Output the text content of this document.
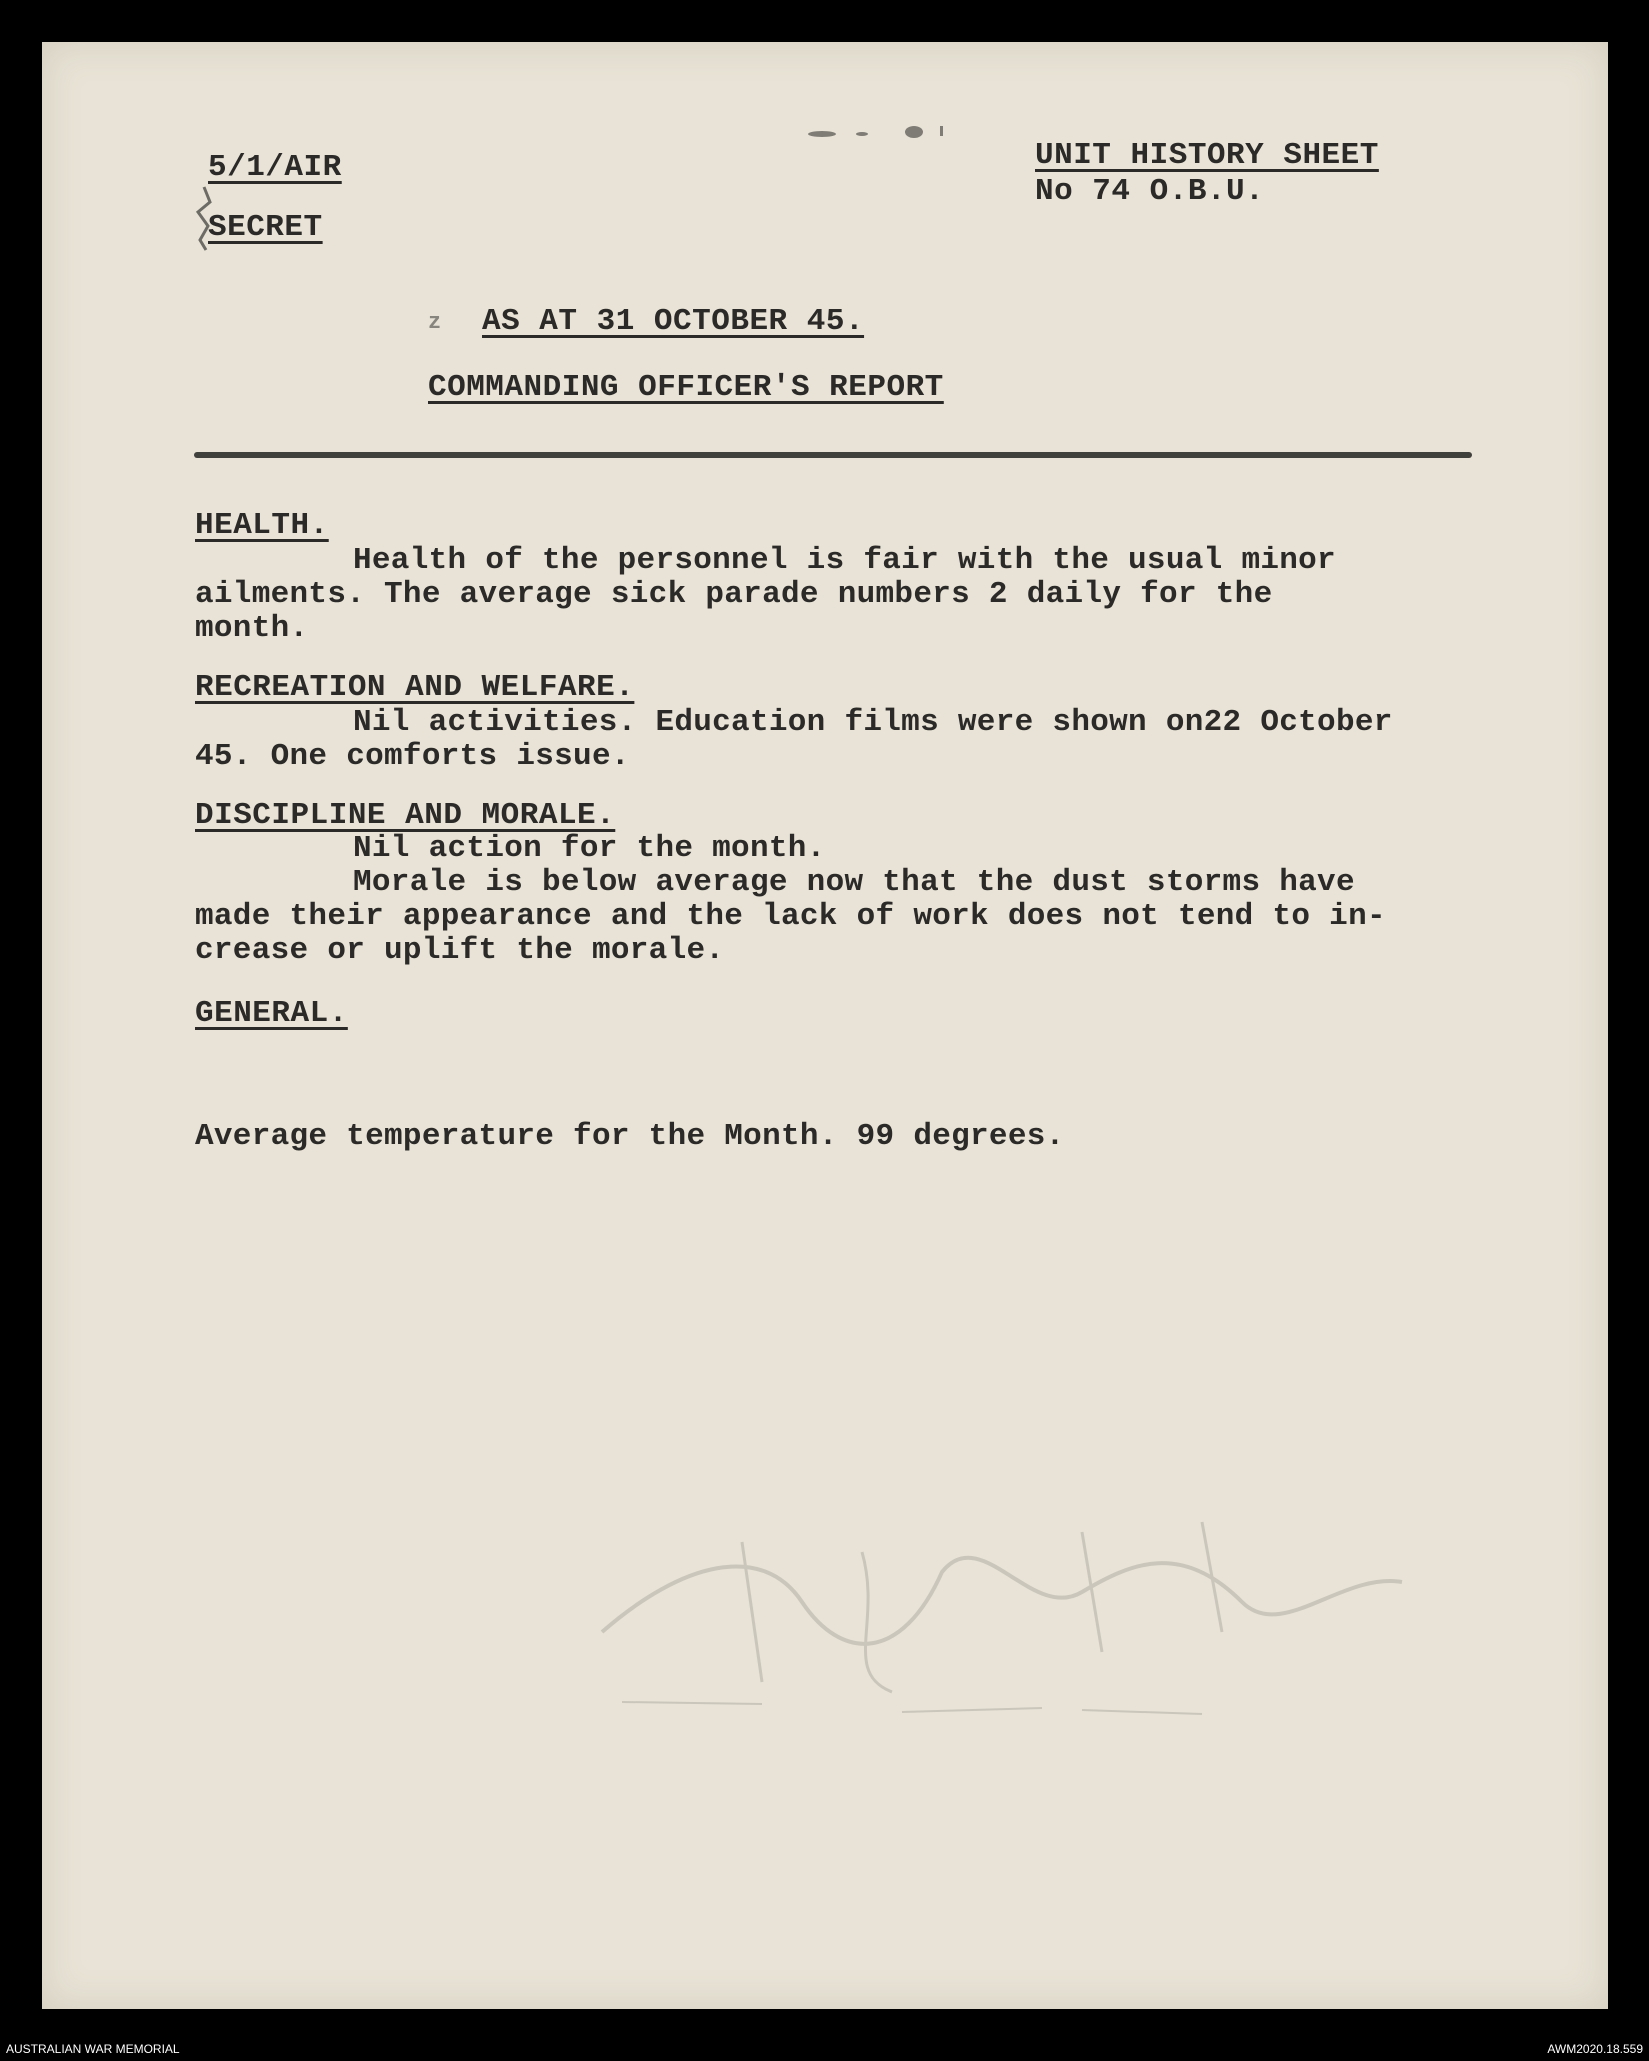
5/1/AIR
SECRET
UNIT HISTORY SHEET
No 74 O.B.U.
z AS AT 31 OCTOBER 45.
COMMANDING OFFICER'S REPORT
HEALTH.
Health of the personnel is fair with the usual minor
ailments. The average sick parade numbers 2 daily for the
month.
RECREATION AND WELFARE.
Nil activities. Education films were shown on22 October
45. One comforts issue.
DISCIPLINE AND MORALE.
Nil action for the month.
Morale is below average now that the dust storms have
made their appearance and the lack of work does not tend to in-
crease or uplift the morale.
GENERAL.
Average temperature for the Month. 99 degrees.
AUSTRALIAN WAR MEMORIAL	AWM2020.18.559
